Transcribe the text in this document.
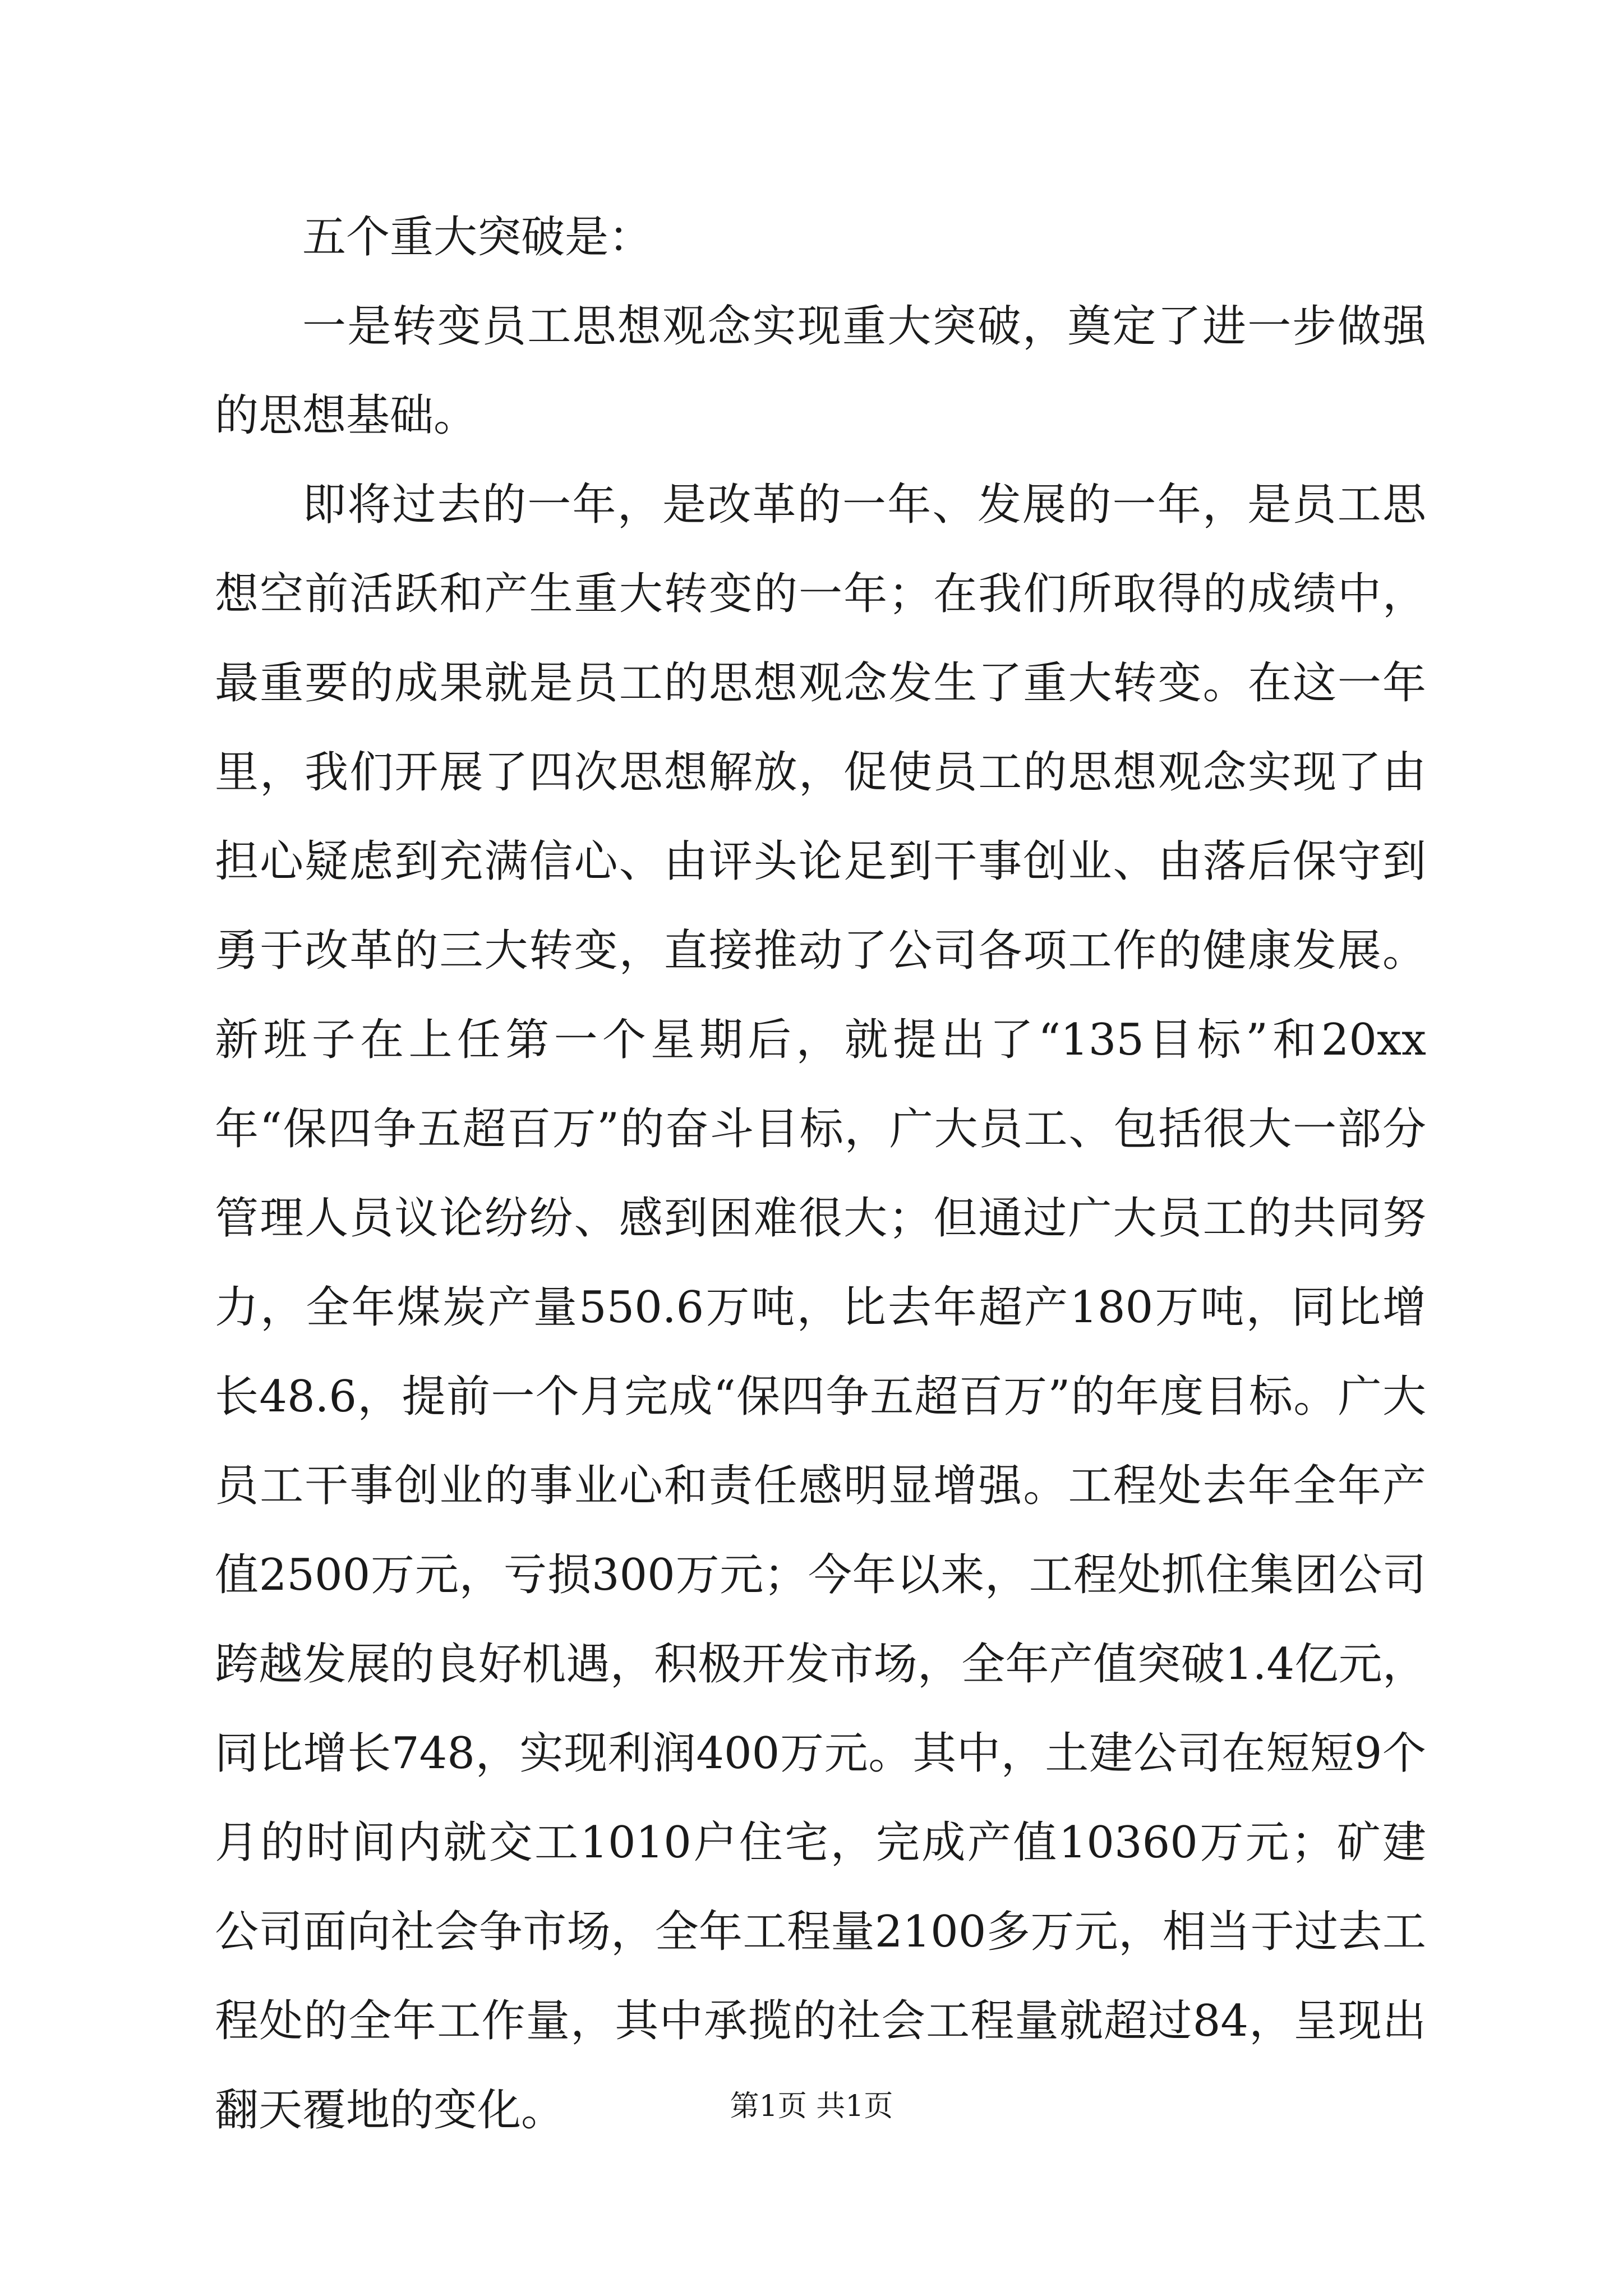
五个重大突破是：

一是转变员工思想观念实现重大突破，奠定了进一步做强的思想基础。

即将过去的一年，是改革的一年、发展的一年，是员工思想空前活跃和产生重大转变的一年；在我们所取得的成绩中，最重要的成果就是员工的思想观念发生了重大转变。在这一年里，我们开展了四次思想解放，促使员工的思想观念实现了由担心疑虑到充满信心、由评头论足到干事创业、由落后保守到勇于改革的三大转变，直接推动了公司各项工作的健康发展。新班子在上任第一个星期后，就提出了“135目标”和20xx年“保四争五超百万”的奋斗目标，广大员工、包括很大一部分管理人员议论纷纷、感到困难很大；但通过广大员工的共同努力，全年煤炭产量550.6万吨，比去年超产180万吨，同比增长48.6，提前一个月完成“保四争五超百万”的年度目标。广大员工干事创业的事业心和责任感明显增强。工程处去年全年产值2500万元，亏损300万元；今年以来，工程处抓住集团公司跨越发展的良好机遇，积极开发市场，全年产值突破1.4亿元，同比增长748，实现利润400万元。其中，土建公司在短短9个月的时间内就交工1010户住宅，完成产值10360万元；矿建公司面向社会争市场，全年工程量2100多万元，相当于过去工程处的全年工作量，其中承揽的社会工程量就超过84，呈现出翻天覆地的变化。	第1页 共1页
